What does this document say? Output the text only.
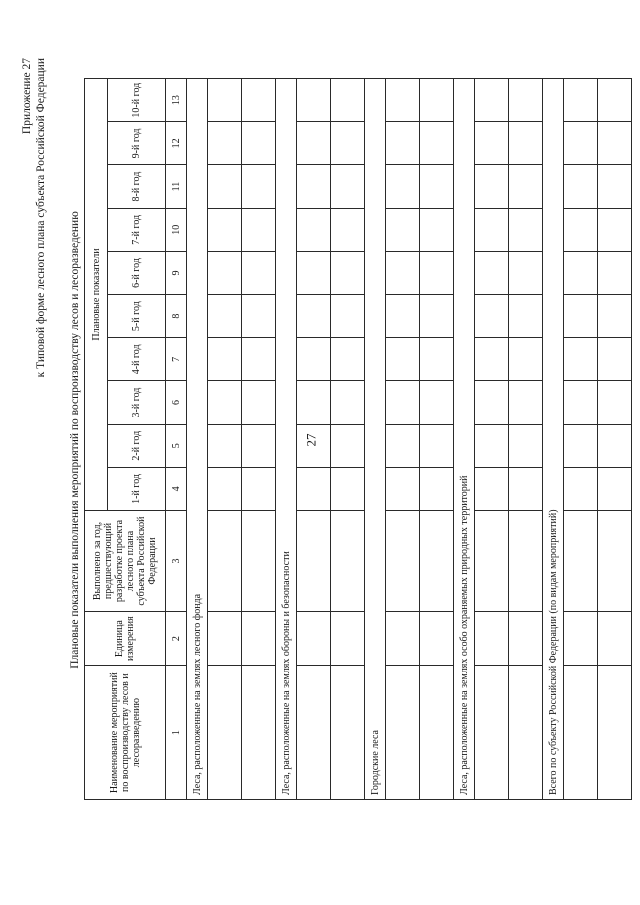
27
Приложение 27 к Типовой форме лесного плана субъекта Российской Федерации Плановые показатели выполнения мероприятий по воспроизводству лесов и лесоразведению
Наименование мероприятий по воспроизводству лесов и лесоразведению	Единица измерения	Выполнено за год, предшествующий разработке проекта лесного плана субъекта Российской Федерации	Плановые показатели									
			1-й год	2-й год	3-й год	4-й год	5-й год	6-й год	7-й год	8-й год	9-й год	10-й год
1	2	3	4	5	6	7	8	9	10	11	12	13
Леса, расположенные на землях лесного фонда												

Леса, расположенные на землях обороны и безопасности												

Городские леса												

Леса, расположенные на землях особо охраняемых природных территорий												

Всего по субъекту Российской Федерации (по видам мероприятий)												
